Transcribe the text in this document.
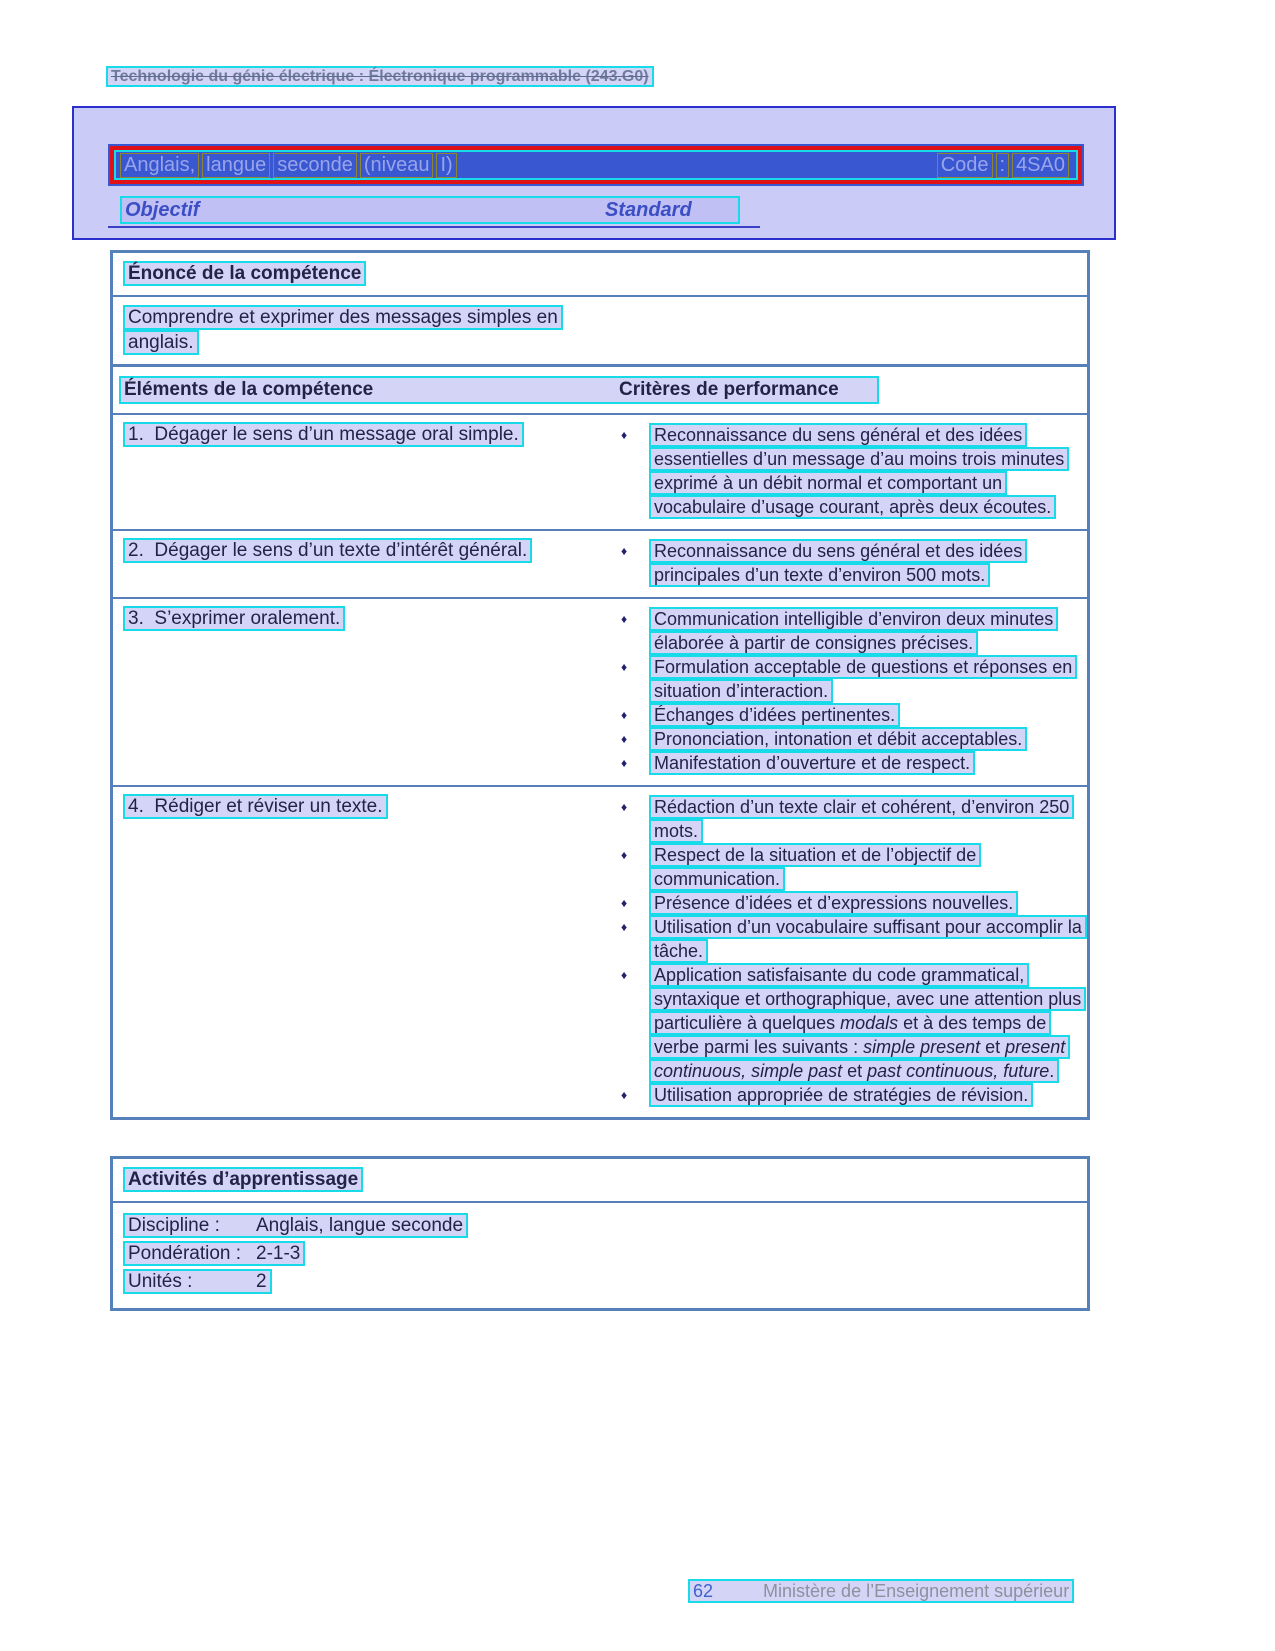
Technologie du génie électrique : Électronique programmable (243.G0)
Anglais, langue seconde (niveau I)	Code : 4SA0
Objectif	Standard
Énoncé de la compétence
Comprendre et exprimer des messages simples en anglais.
Éléments de la compétence	Critères de performance
1.  Dégager le sens d’un message oral simple.	♦	Reconnaissance du sens général et des idées essentielles d’un message d’au moins trois minutes exprimé à un débit normal et comportant un vocabulaire d’usage courant, après deux écoutes.
2.  Dégager le sens d’un texte d’intérêt général.	♦	Reconnaissance du sens général et des idées principales d’un texte d’environ 500 mots.
3.  S’exprimer oralement.	♦	Communication intelligible d’environ deux minutes élaborée à partir de consignes précises.
♦	Formulation acceptable de questions et réponses en situation d’interaction.
♦	Échanges d’idées pertinentes.
♦	Prononciation, intonation et débit acceptables.
♦	Manifestation d’ouverture et de respect.
4.  Rédiger et réviser un texte.	♦	Rédaction d’un texte clair et cohérent, d’environ 250 mots.
♦	Respect de la situation et de l’objectif de communication.
♦	Présence d’idées et d’expressions nouvelles.
♦	Utilisation d’un vocabulaire suffisant pour accomplir la tâche.
♦	Application satisfaisante du code grammatical, syntaxique et orthographique, avec une attention plus particulière à quelques modals et à des temps de verbe parmi les suivants : simple present et present continuous, simple past et past continuous, future.
♦	Utilisation appropriée de stratégies de révision.
Activités d’apprentissage
Discipline : Anglais, langue seconde
Pondération : 2-1-3
Unités :	2
62	Ministère de l’Enseignement supérieur
